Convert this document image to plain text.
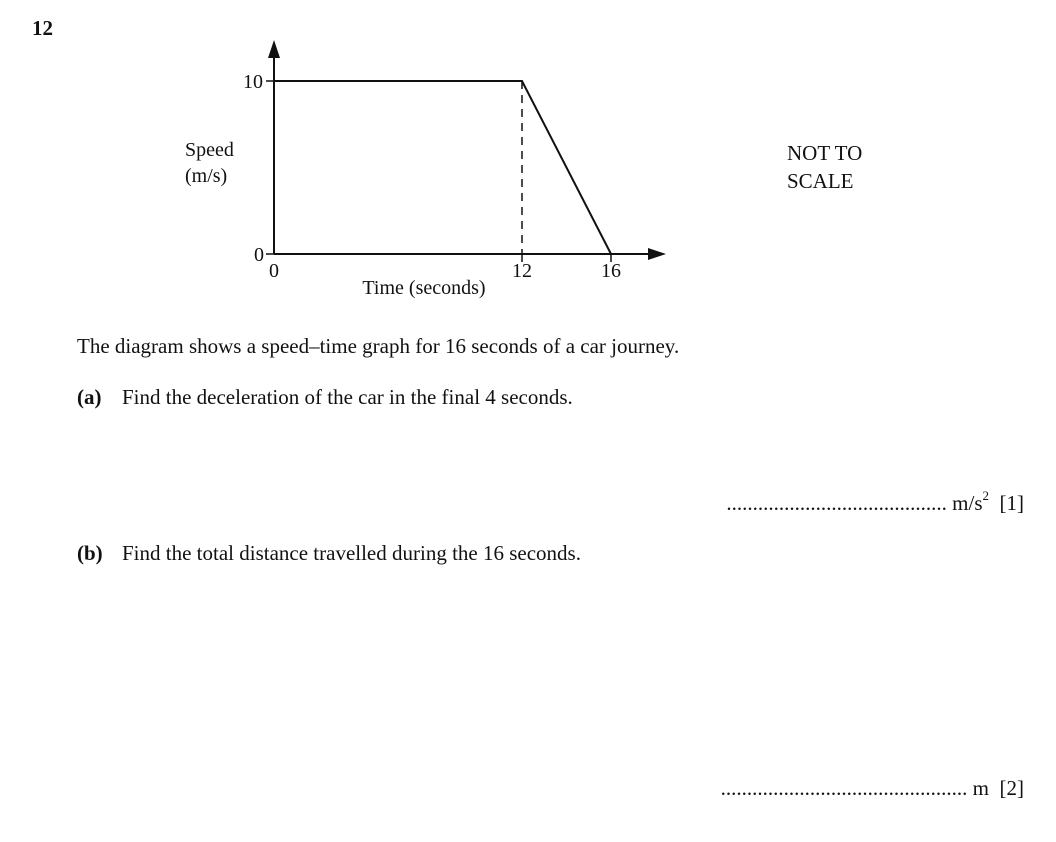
12
10
0
0	12	16
Speed
(m/s)
Time (seconds)
NOT TO
SCALE
The diagram shows a speed–time graph for 16 seconds of a car journey.
(a) Find the deceleration of the car in the final 4 seconds.
.......................................... $m/s^2$ [1]
(b) Find the total distance travelled during the 16 seconds.
............................................... m [2]
